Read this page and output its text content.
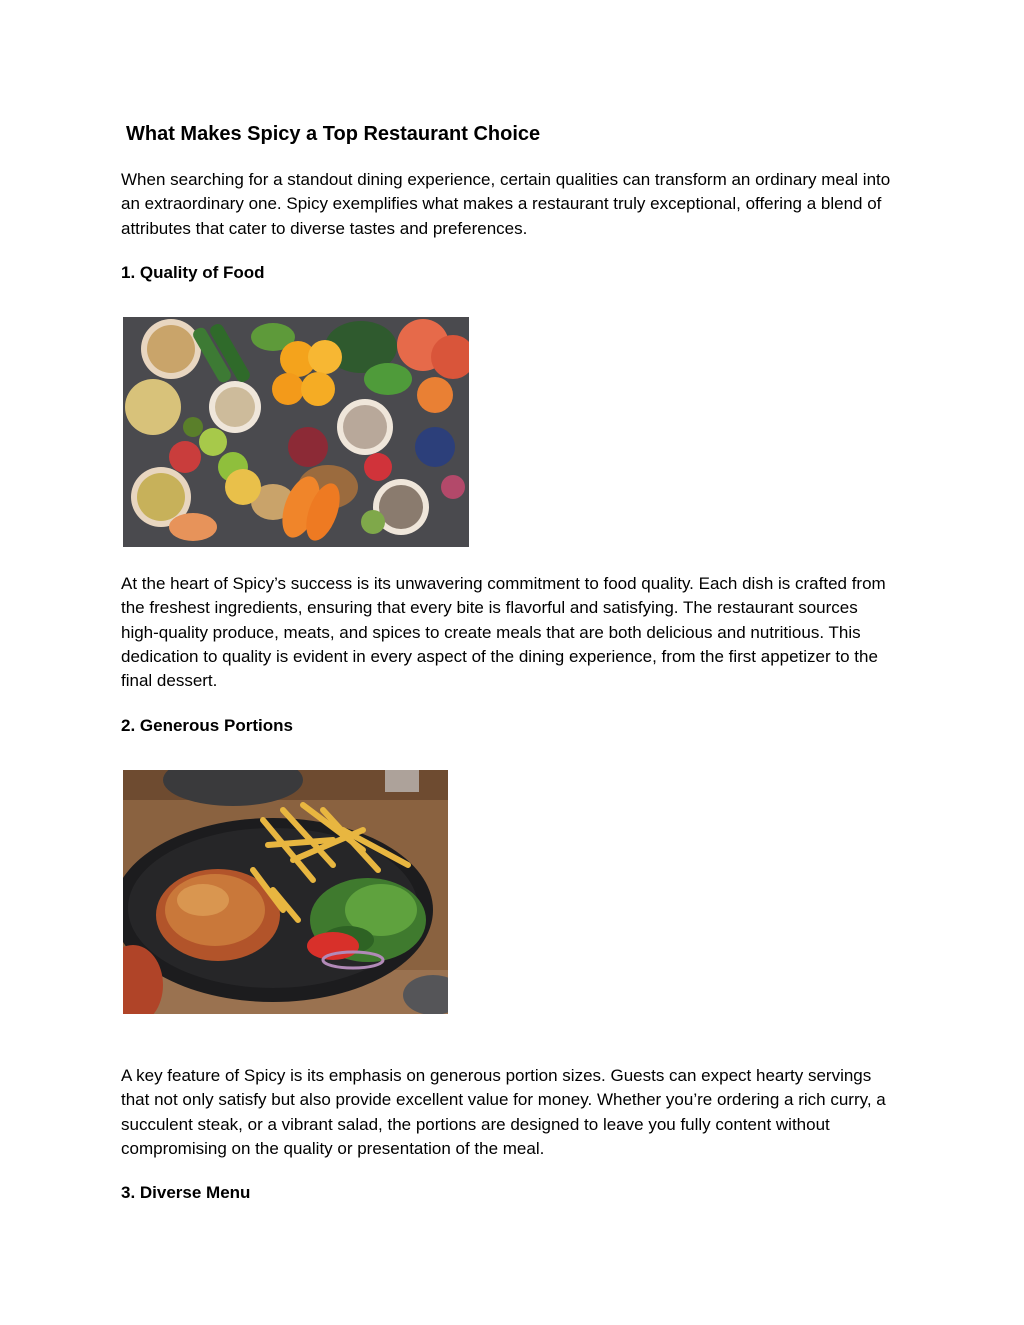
What Makes Spicy a Top Restaurant Choice

When searching for a standout dining experience, certain qualities can transform an ordinary meal into an extraordinary one. Spicy exemplifies what makes a restaurant truly exceptional, offering a blend of attributes that cater to diverse tastes and preferences.

1. Quality of Food

At the heart of Spicy’s success is its unwavering commitment to food quality. Each dish is crafted from the freshest ingredients, ensuring that every bite is flavorful and satisfying. The restaurant sources high-quality produce, meats, and spices to create meals that are both delicious and nutritious. This dedication to quality is evident in every aspect of the dining experience, from the first appetizer to the final dessert.

2. Generous Portions

A key feature of Spicy is its emphasis on generous portion sizes. Guests can expect hearty servings that not only satisfy but also provide excellent value for money. Whether you’re ordering a rich curry, a succulent steak, or a vibrant salad, the portions are designed to leave you fully content without compromising on the quality or presentation of the meal.

3. Diverse Menu
